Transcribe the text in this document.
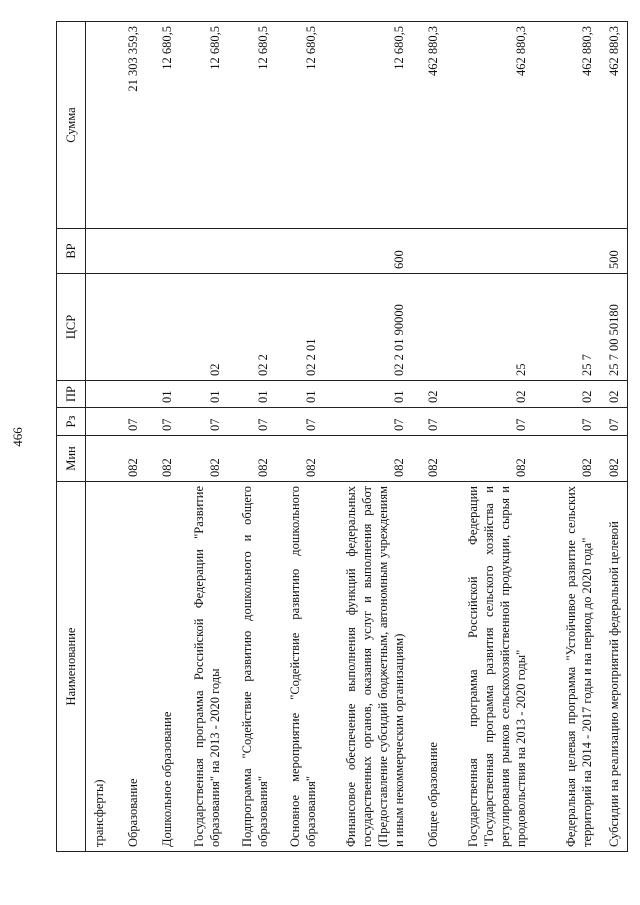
466
Наименование	Мин	Рз	ПР	ЦСР	ВР	Сумма
трансферты)						
Образование	082	07				21 303 359,3
Дошкольное образование	082	07	01			12 680,5
Государственная программа Российской Федерации "Развитие образования" на 2013 - 2020 годы	082	07	01	02		12 680,5
Подпрограмма "Содействие развитию дошкольного и общего образования"	082	07	01	02 2		12 680,5
Основное мероприятие "Содействие развитию дошкольного образования"	082	07	01	02 2 01		12 680,5
Финансовое обеспечение выполнения функций федеральных государственных органов, оказания услуг и выполнения работ (Предоставление субсидий бюджетным, автономным учреждениям и иным некоммерческим организациям)	082	07	01	02 2 01 90000	600	12 680,5
Общее образование	082	07	02			462 880,3
Государственная программа Российской Федерации "Государственная программа развития сельского хозяйства и регулирования рынков сельскохозяйственной продукции, сырья и продовольствия на 2013 - 2020 годы"	082	07	02	25		462 880,3
Федеральная целевая программа "Устойчивое развитие сельских территорий на 2014 - 2017 годы и на период до 2020 года"	082	07	02	25 7		462 880,3
Субсидии на реализацию мероприятий федеральной целевой	082	07	02	25 7 00 50180	500	462 880,3
